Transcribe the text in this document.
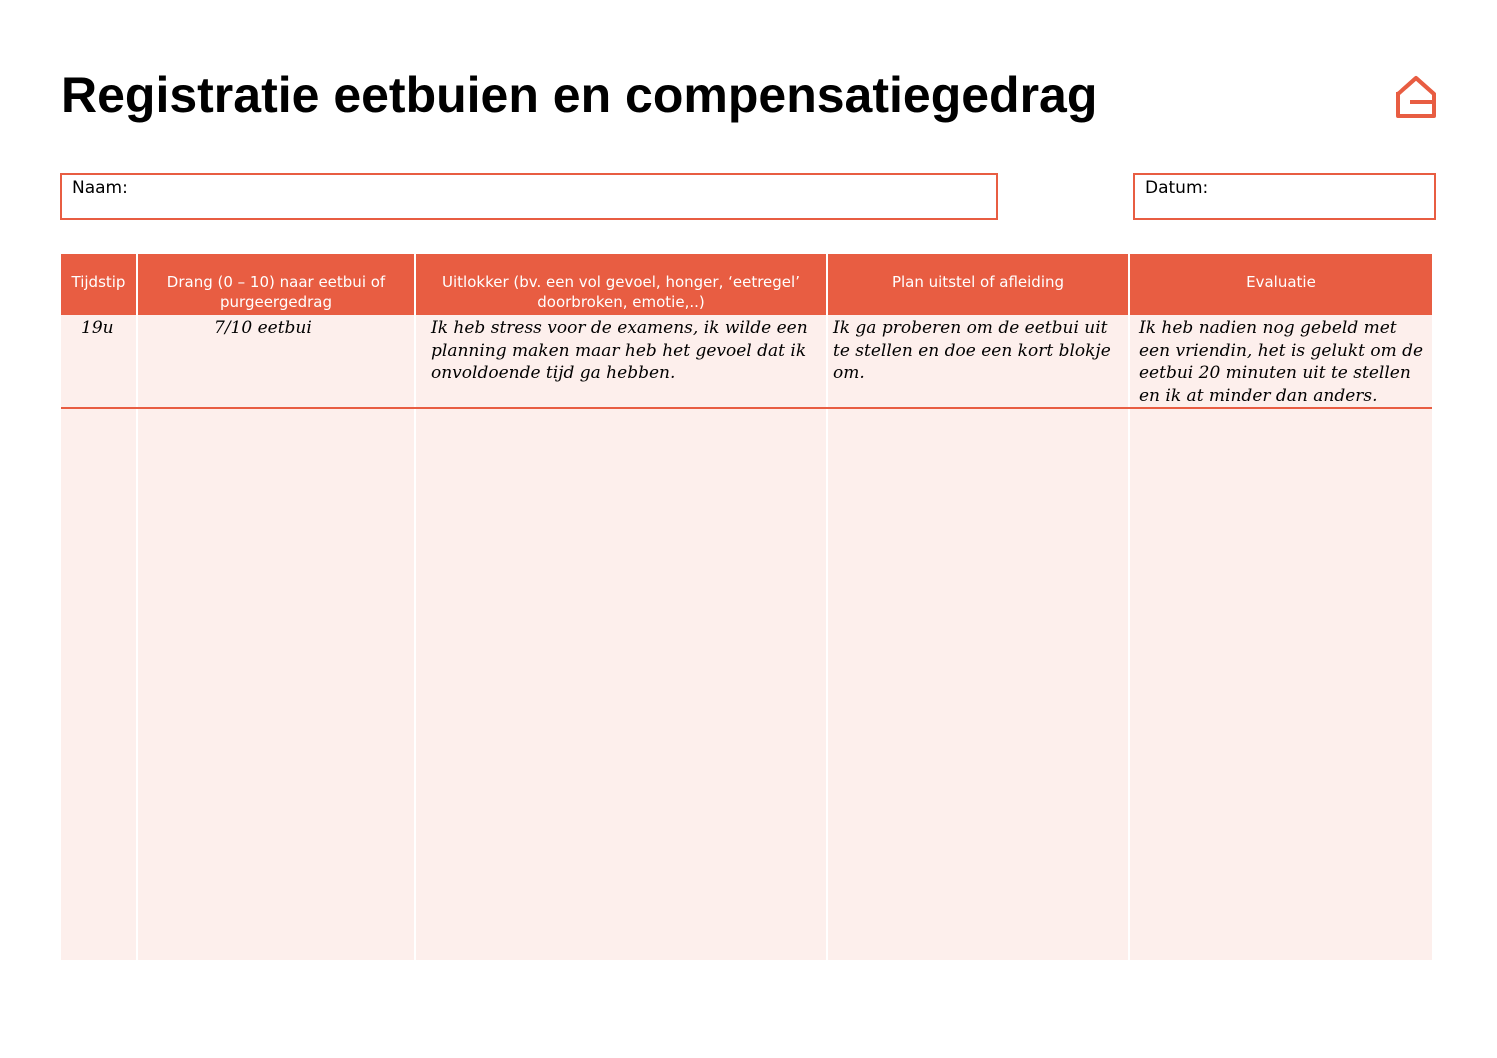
Registratie eetbuien en compensatiegedrag
Naam:	Datum:
Tijdstip	Drang (0 – 10) naar eetbui of purgeergedrag	Uitlokker (bv. een vol gevoel, honger, ‘eetregel’ doorbroken, emotie,..)	Plan uitstel of afleiding	Evaluatie
19u	7/10 eetbui	Ik heb stress voor de examens, ik wilde een planning maken maar heb het gevoel dat ik onvoldoende tijd ga hebben.	Ik ga proberen om de eetbui uit te stellen en doe een kort blokje om.	Ik heb nadien nog gebeld met een vriendin, het is gelukt om de eetbui 20 minuten uit te stellen en ik at minder dan anders.
